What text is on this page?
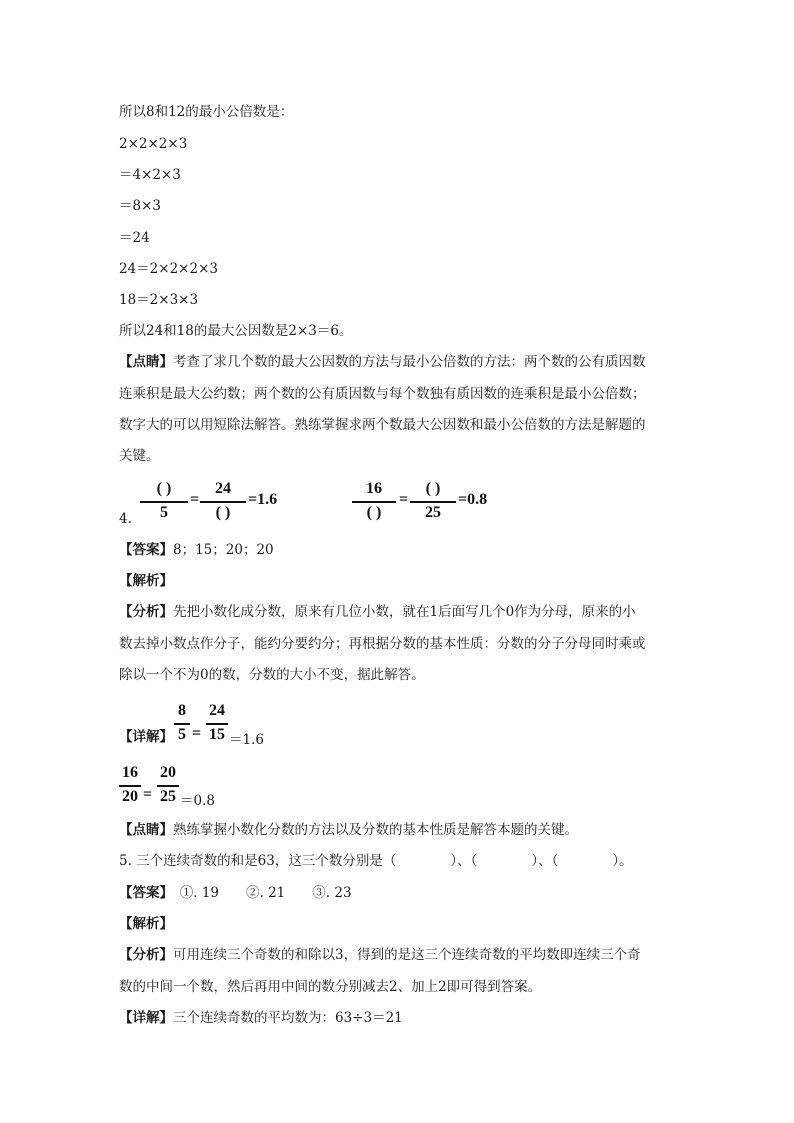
所以8和12的最小公倍数是：
2×2×2×3
＝4×2×3
＝8×3
＝24
24＝2×2×2×3
18＝2×3×3
所以24和18的最大公因数是2×3＝6。
【点睛】考查了求几个数的最大公因数的方法与最小公倍数的方法：两个数的公有质因数
连乘积是最大公约数；两个数的公有质因数与每个数独有质因数的连乘积是最小公倍数；
数字大的可以用短除法解答。熟练掌握求两个数最大公因数和最小公倍数的方法是解题的
关键。
4.
( )
5
=
24
( )
=1.6
16
( )
=
( )
25
=0.8
【答案】8；15；20；20
【解析】
【分析】先把小数化成分数，原来有几位小数，就在1后面写几个0作为分母，原来的小
数去掉小数点作分子，能约分要约分；再根据分数的基本性质：分数的分子分母同时乘或
除以一个不为0的数，分数的大小不变，据此解答。
【详解】
8
5 =
24
15 ＝1.6
16
20 =
20
25 ＝0.8
【点睛】熟练掌握小数化分数的方法以及分数的基本性质是解答本题的关键。
5. 三个连续奇数的和是63，这三个数分别是（　　　　）、（　　　　）、（　　　　）。
【答案】　①. 19　　②. 21　　③. 23
【解析】
【分析】可用连续三个奇数的和除以3，得到的是这三个连续奇数的平均数即连续三个奇
数的中间一个数，然后再用中间的数分别减去2、加上2即可得到答案。
【详解】三个连续奇数的平均数为：63÷3＝21
